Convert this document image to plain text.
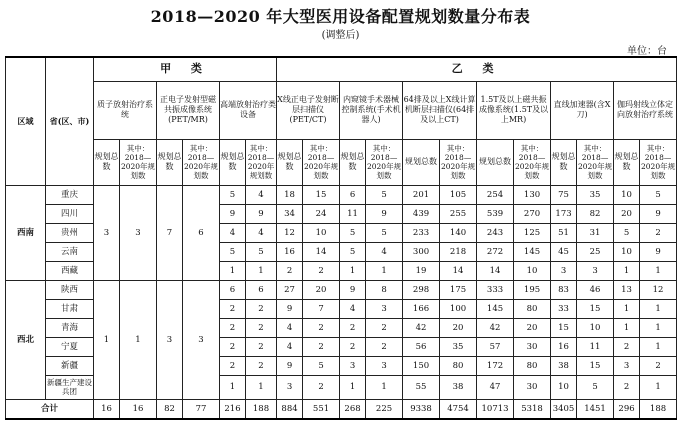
2018—2020 年大型医用设备配置规划数量分布表
(调整后)
单位：台
区域	省(区、市)	甲 类						乙 类											
		质子放射治疗系统		正电子发射型磁共振成像系统(PET/MR)		高端放射治疗类设备		X线正电子发射断层扫描仪(PET/CT)		内窥镜手术器械控制系统(手术机器人)		64排及以上X线计算机断层扫描仪(64排及以上CT)		1.5T及以上磁共振成像系统(1.5T及以上MR)		直线加速器(含X刀)		伽玛射线立体定向放射治疗系统	
		规划总数	其中：2018—2020年规划数	规划总数	其中：2018—2020年规划数	规划总数	其中：2018—2020年规划数	规划总数	其中：2018—2020年规划数	规划总数	其中：2018—2020年规划数	规划总数	其中：2018—2020年规划数	规划总数	其中：2018—2020年规划数	规划总数	其中：2018—2020年规划数	规划总数	其中：2018—2020年规划数
西南	重庆	3	3	7	6	5	4	18	15	6	5	201	105	254	130	75	35	10	5
	四川					9	9	34	24	11	9	439	255	539	270	173	82	20	9
	贵州					4	4	12	10	5	5	233	140	243	125	51	31	5	2
	云南					5	5	16	14	5	4	300	218	272	145	45	25	10	9
	西藏					1	1	2	2	1	1	19	14	14	10	3	3	1	1
西北	陕西	1	1	3	3	6	6	27	20	9	8	298	175	333	195	83	46	13	12
	甘肃					2	2	9	7	4	3	166	100	145	80	33	15	1	1
	青海					2	2	4	2	2	2	42	20	42	20	15	10	1	1
	宁夏					2	2	4	2	2	2	56	35	57	30	16	11	2	1
	新疆					2	2	9	5	3	3	150	80	172	80	38	15	3	2
	新疆生产建设兵团					1	1	3	2	1	1	55	38	47	30	10	5	2	1
合计		16	16	82	77	216	188	884	551	268	225	9338	4754	10713	5318	3405	1451	296	188
